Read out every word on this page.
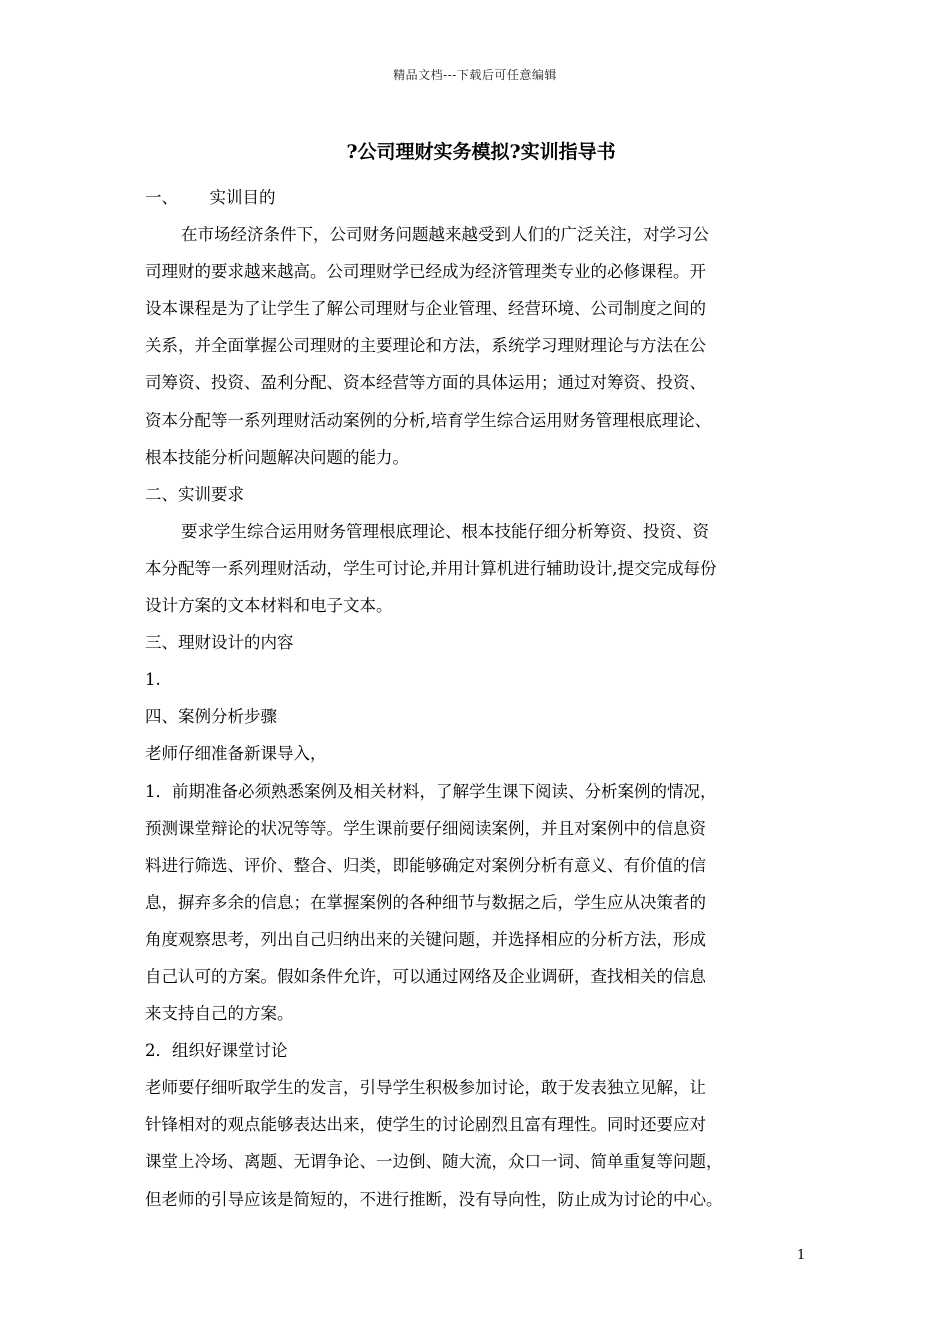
精品文档---下载后可任意编辑
?公司理财实务模拟?实训指导书

一、      实训目的

在市场经济条件下，公司财务问题越来越受到人们的广泛关注，对学习公

司理财的要求越来越高。公司理财学已经成为经济管理类专业的必修课程。开

设本课程是为了让学生了解公司理财与企业管理、经营环境、公司制度之间的

关系，并全面掌握公司理财的主要理论和方法，系统学习理财理论与方法在公

司筹资、投资、盈利分配、资本经营等方面的具体运用；通过对筹资、投资、

资本分配等一系列理财活动案例的分析,培育学生综合运用财务管理根底理论、

根本技能分析问题解决问题的能力。

二、实训要求

要求学生综合运用财务管理根底理论、根本技能仔细分析筹资、投资、资

本分配等一系列理财活动，学生可讨论,并用计算机进行辅助设计,提交完成每份

设计方案的文本材料和电子文本。

三、理财设计的内容

1.

四、案例分析步骤

老师仔细准备新课导入，

1．前期准备必须熟悉案例及相关材料，了解学生课下阅读、分析案例的情况，

预测课堂辩论的状况等等。学生课前要仔细阅读案例，并且对案例中的信息资

料进行筛选、评价、整合、归类，即能够确定对案例分析有意义、有价值的信

息，摒弃多余的信息；在掌握案例的各种细节与数据之后，学生应从决策者的

角度观察思考，列出自己归纳出来的关键问题，并选择相应的分析方法，形成

自己认可的方案。假如条件允许，可以通过网络及企业调研，查找相关的信息

来支持自己的方案。

2．组织好课堂讨论

老师要仔细听取学生的发言，引导学生积极参加讨论，敢于发表独立见解，让

针锋相对的观点能够表达出来，使学生的讨论剧烈且富有理性。同时还要应对

课堂上冷场、离题、无谓争论、一边倒、随大流，众口一词、简单重复等问题，

但老师的引导应该是简短的，不进行推断，没有导向性，防止成为讨论的中心。

1
